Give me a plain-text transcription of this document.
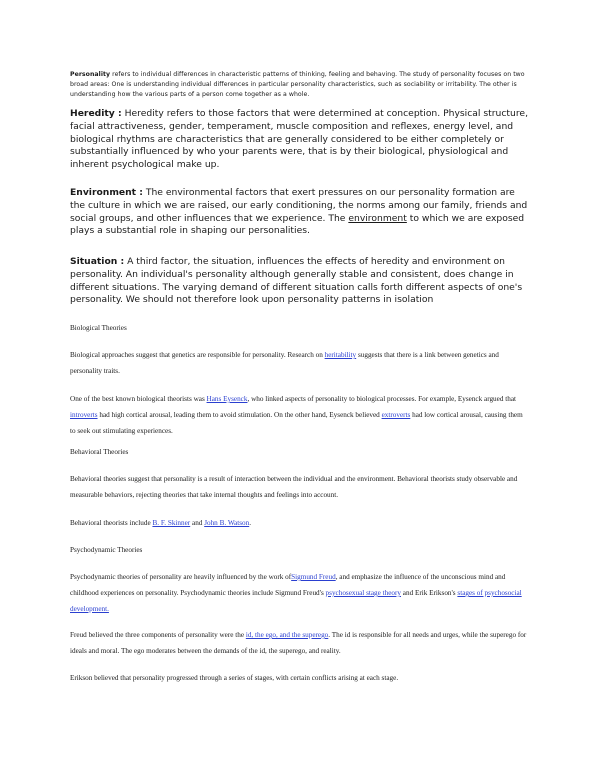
Personality refers to individual differences in characteristic patterns of thinking, feeling and behaving. The study of personality focuses on two broad areas: One is understanding individual differences in particular personality characteristics, such as sociability or irritability. The other is understanding how the various parts of a person come together as a whole.

Heredity : Heredity refers to those factors that were determined at conception. Physical structure, facial attractiveness, gender, temperament, muscle composition and reflexes, energy level, and biological rhythms are characteristics that are generally considered to be either completely or substantially influenced by who your parents were, that is by their biological, physiological and inherent psychological make up.

Environment : The environmental factors that exert pressures on our personality formation are the culture in which we are raised, our early conditioning, the norms among our family, friends and social groups, and other influences that we experience. The environment to which we are exposed plays a substantial role in shaping our personalities.

Situation : A third factor, the situation, influences the effects of heredity and environment on personality. An individual's personality although generally stable and consistent, does change in different situations. The varying demand of different situation calls forth different aspects of one's personality. We should not therefore look upon personality patterns in isolation

Biological Theories

Biological approaches suggest that genetics are responsible for personality. Research on heritability suggests that there is a link between genetics and personality traits.

One of the best known biological theorists was Hans Eysenck, who linked aspects of personality to biological processes. For example, Eysenck argued that introverts had high cortical arousal, leading them to avoid stimulation. On the other hand, Eysenck believed extroverts had low cortical arousal, causing them to seek out stimulating experiences.

Behavioral Theories

Behavioral theories suggest that personality is a result of interaction between the individual and the environment. Behavioral theorists study observable and measurable behaviors, rejecting theories that take internal thoughts and feelings into account.

Behavioral theorists include B. F. Skinner and John B. Watson.

Psychodynamic Theories

Psychodynamic theories of personality are heavily influenced by the work ofSigmund Freud, and emphasize the influence of the unconscious mind and childhood experiences on personality. Psychodynamic theories include Sigmund Freud's psychosexual stage theory and Erik Erikson's stages of psychosocial development.

Freud believed the three components of personality were the id, the ego, and the superego. The id is responsible for all needs and urges, while the superego for ideals and moral. The ego moderates between the demands of the id, the superego, and reality.

Erikson believed that personality progressed through a series of stages, with certain conflicts arising at each stage.
